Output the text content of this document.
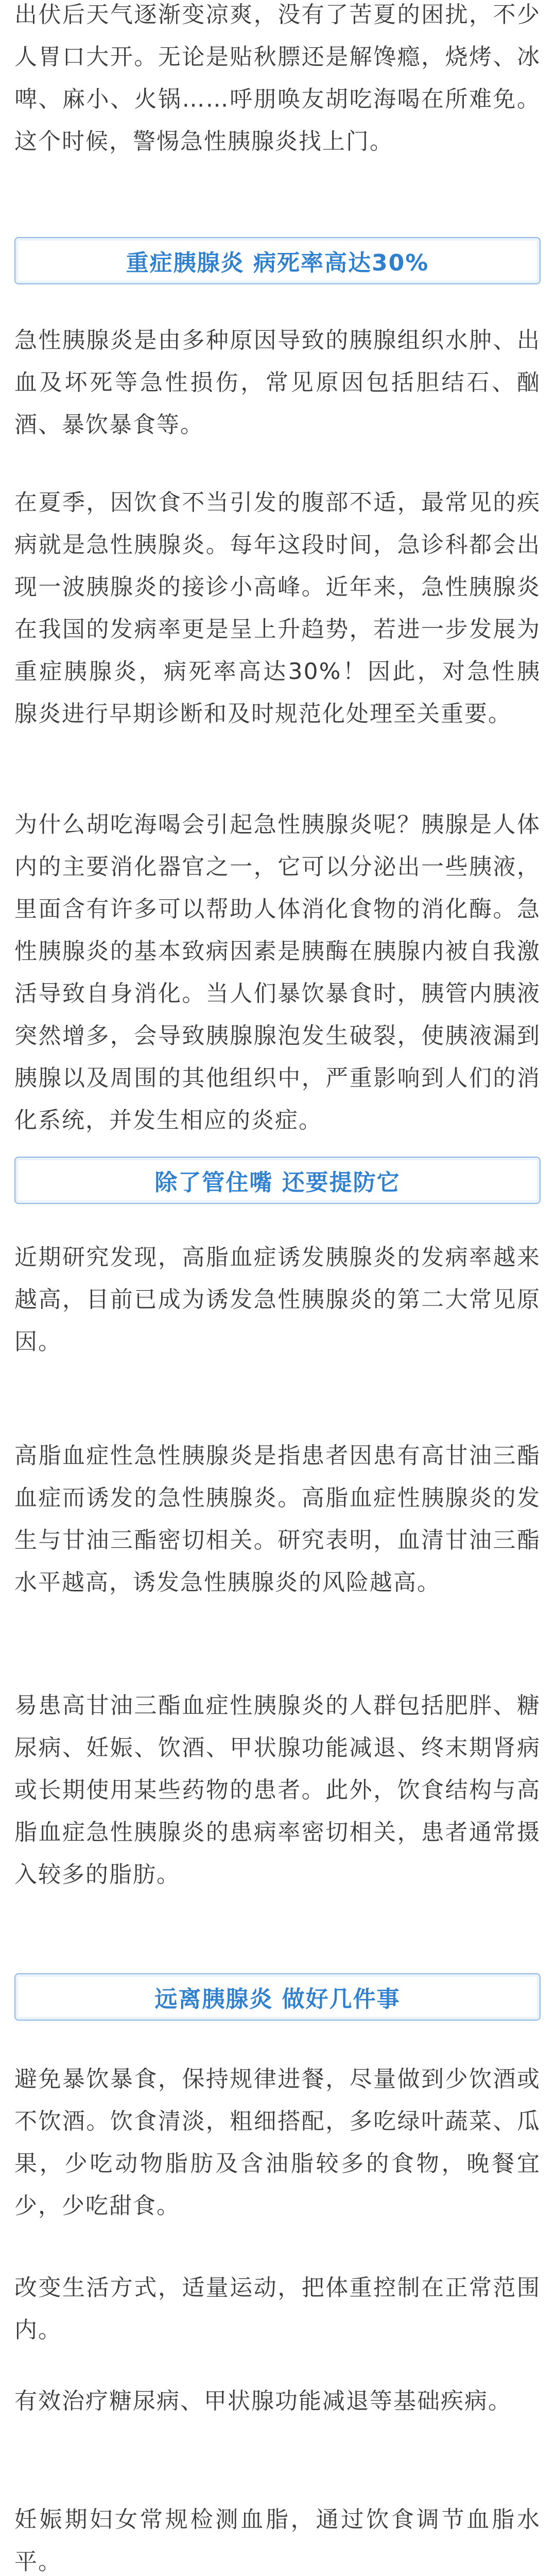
出伏后天气逐渐变凉爽，没有了苦夏的困扰，不少人胃口大开。无论是贴秋膘还是解馋瘾，烧烤、冰啤、麻小、火锅……呼朋唤友胡吃海喝在所难免。这个时候，警惕急性胰腺炎找上门。

重症胰腺炎 病死率高达30%

急性胰腺炎是由多种原因导致的胰腺组织水肿、出血及坏死等急性损伤，常见原因包括胆结石、酗酒、暴饮暴食等。

在夏季，因饮食不当引发的腹部不适，最常见的疾病就是急性胰腺炎。每年这段时间，急诊科都会出现一波胰腺炎的接诊小高峰。近年来，急性胰腺炎在我国的发病率更是呈上升趋势，若进一步发展为重症胰腺炎，病死率高达30%！因此，对急性胰腺炎进行早期诊断和及时规范化处理至关重要。

为什么胡吃海喝会引起急性胰腺炎呢？胰腺是人体内的主要消化器官之一，它可以分泌出一些胰液，里面含有许多可以帮助人体消化食物的消化酶。急性胰腺炎的基本致病因素是胰酶在胰腺内被自我激活导致自身消化。当人们暴饮暴食时，胰管内胰液突然增多，会导致胰腺腺泡发生破裂，使胰液漏到胰腺以及周围的其他组织中，严重影响到人们的消化系统，并发生相应的炎症。

除了管住嘴 还要提防它

近期研究发现，高脂血症诱发胰腺炎的发病率越来越高，目前已成为诱发急性胰腺炎的第二大常见原因。

高脂血症性急性胰腺炎是指患者因患有高甘油三酯血症而诱发的急性胰腺炎。高脂血症性胰腺炎的发生与甘油三酯密切相关。研究表明，血清甘油三酯水平越高，诱发急性胰腺炎的风险越高。

易患高甘油三酯血症性胰腺炎的人群包括肥胖、糖尿病、妊娠、饮酒、甲状腺功能减退、终末期肾病或长期使用某些药物的患者。此外，饮食结构与高脂血症急性胰腺炎的患病率密切相关，患者通常摄入较多的脂肪。

远离胰腺炎 做好几件事

避免暴饮暴食，保持规律进餐，尽量做到少饮酒或不饮酒。饮食清淡，粗细搭配，多吃绿叶蔬菜、瓜果，少吃动物脂肪及含油脂较多的食物，晚餐宜少，少吃甜食。

改变生活方式，适量运动，把体重控制在正常范围内。

有效治疗糖尿病、甲状腺功能减退等基础疾病。

妊娠期妇女常规检测血脂，通过饮食调节血脂水平。
